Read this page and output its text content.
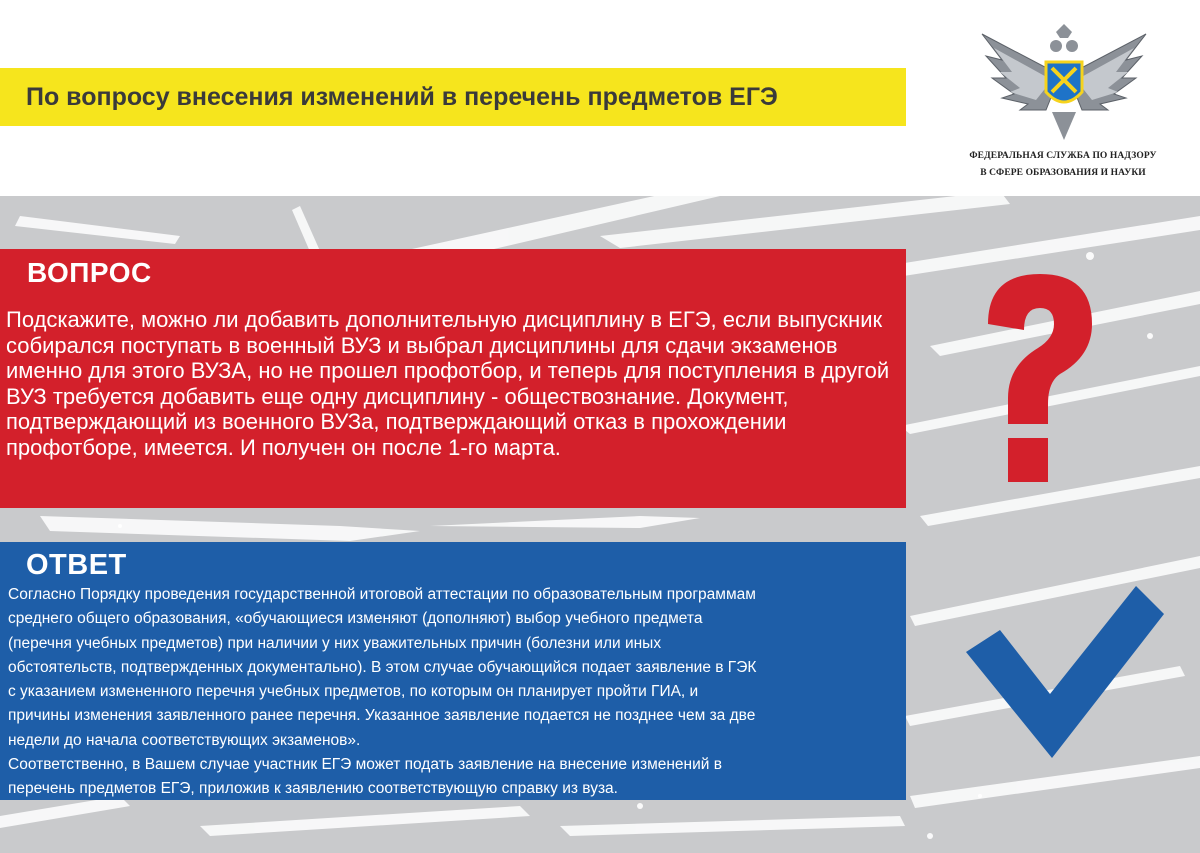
По вопросу внесения изменений в перечень предметов ЕГЭ
ФЕДЕРАЛЬНАЯ СЛУЖБА ПО НАДЗОРУ
В СФЕРЕ ОБРАЗОВАНИЯ И НАУКИ
ВОПРОС
Подскажите, можно ли добавить дополнительную дисциплину в ЕГЭ, если выпускник собирался поступать в военный ВУЗ и выбрал дисциплины для сдачи экзаменов именно для этого ВУЗА, но не прошел профотбор, и теперь для поступления в другой ВУЗ требуется добавить еще одну дисциплину - обществознание. Документ, подтверждающий из военного ВУЗа, подтверждающий отказ в прохождении профотборе, имеется. И получен он после 1-го марта.
ОТВЕТ
Согласно Порядку проведения государственной итоговой аттестации по образовательным программам
среднего общего образования, «обучающиеся изменяют (дополняют) выбор учебного предмета
(перечня учебных предметов) при наличии у них уважительных причин (болезни или иных
обстоятельств, подтвержденных документально). В этом случае обучающийся подает заявление в ГЭК
с указанием измененного перечня учебных предметов, по которым он планирует пройти ГИА, и
причины изменения заявленного ранее перечня. Указанное заявление подается не позднее чем за две
недели до начала соответствующих экзаменов».
Соответственно, в Вашем случае участник ЕГЭ может подать заявление на внесение изменений в
перечень предметов ЕГЭ, приложив к заявлению соответствующую справку из вуза.
